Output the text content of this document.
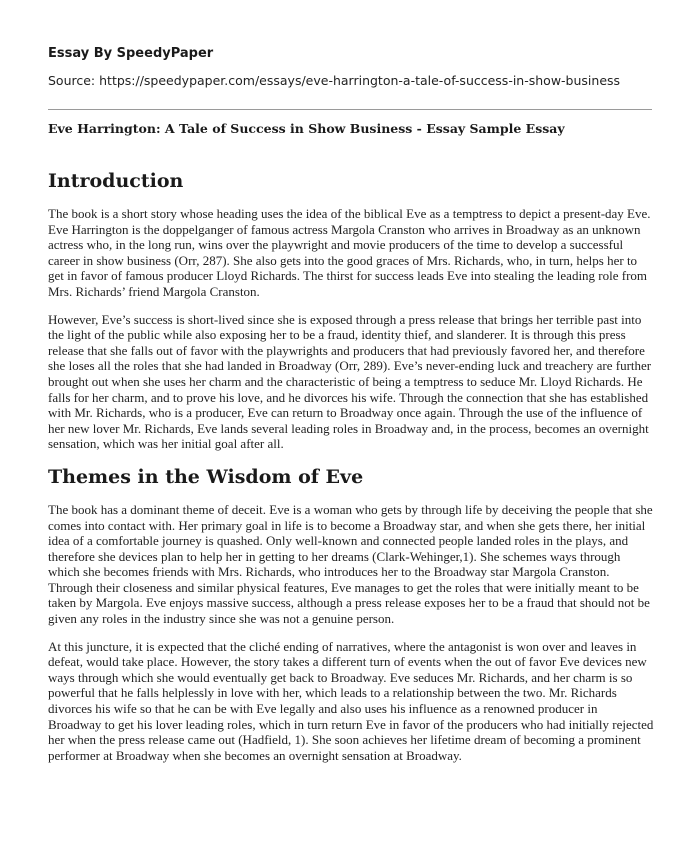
Essay By SpeedyPaper
Source: https://speedypaper.com/essays/eve-harrington-a-tale-of-success-in-show-business
Eve Harrington: A Tale of Success in Show Business - Essay Sample Essay
Introduction

The book is a short story whose heading uses the idea of the biblical Eve as a temptress to depict a present-day Eve. Eve Harrington is the doppelganger of famous actress Margola Cranston who arrives in Broadway as an unknown actress who, in the long run, wins over the playwright and movie producers of the time to develop a successful career in show business (Orr, 287). She also gets into the good graces of Mrs. Richards, who, in turn, helps her to get in favor of famous producer Lloyd Richards. The thirst for success leads Eve into stealing the leading role from Mrs. Richards’ friend Margola Cranston.

However, Eve’s success is short-lived since she is exposed through a press release that brings her terrible past into the light of the public while also exposing her to be a fraud, identity thief, and slanderer. It is through this press release that she falls out of favor with the playwrights and producers that had previously favored her, and therefore she loses all the roles that she had landed in Broadway (Orr, 289). Eve’s never-ending luck and treachery are further brought out when she uses her charm and the characteristic of being a temptress to seduce Mr. Lloyd Richards. He falls for her charm, and to prove his love, and he divorces his wife. Through the connection that she has established with Mr. Richards, who is a producer, Eve can return to Broadway once again. Through the use of the influence of her new lover Mr. Richards, Eve lands several leading roles in Broadway and, in the process, becomes an overnight sensation, which was her initial goal after all.

Themes in the Wisdom of Eve

The book has a dominant theme of deceit. Eve is a woman who gets by through life by deceiving the people that she comes into contact with. Her primary goal in life is to become a Broadway star, and when she gets there, her initial idea of a comfortable journey is quashed. Only well-known and connected people landed roles in the plays, and therefore she devices plan to help her in getting to her dreams (Clark-Wehinger,1). She schemes ways through which she becomes friends with Mrs. Richards, who introduces her to the Broadway star Margola Cranston. Through their closeness and similar physical features, Eve manages to get the roles that were initially meant to be taken by Margola. Eve enjoys massive success, although a press release exposes her to be a fraud that should not be given any roles in the industry since she was not a genuine person.

At this juncture, it is expected that the cliché ending of narratives, where the antagonist is won over and leaves in defeat, would take place. However, the story takes a different turn of events when the out of favor Eve devices new ways through which she would eventually get back to Broadway. Eve seduces Mr. Richards, and her charm is so powerful that he falls helplessly in love with her, which leads to a relationship between the two. Mr. Richards divorces his wife so that he can be with Eve legally and also uses his influence as a renowned producer in Broadway to get his lover leading roles, which in turn return Eve in favor of the producers who had initially rejected her when the press release came out (Hadfield, 1). She soon achieves her lifetime dream of becoming a prominent performer at Broadway when she becomes an overnight sensation at Broadway.
